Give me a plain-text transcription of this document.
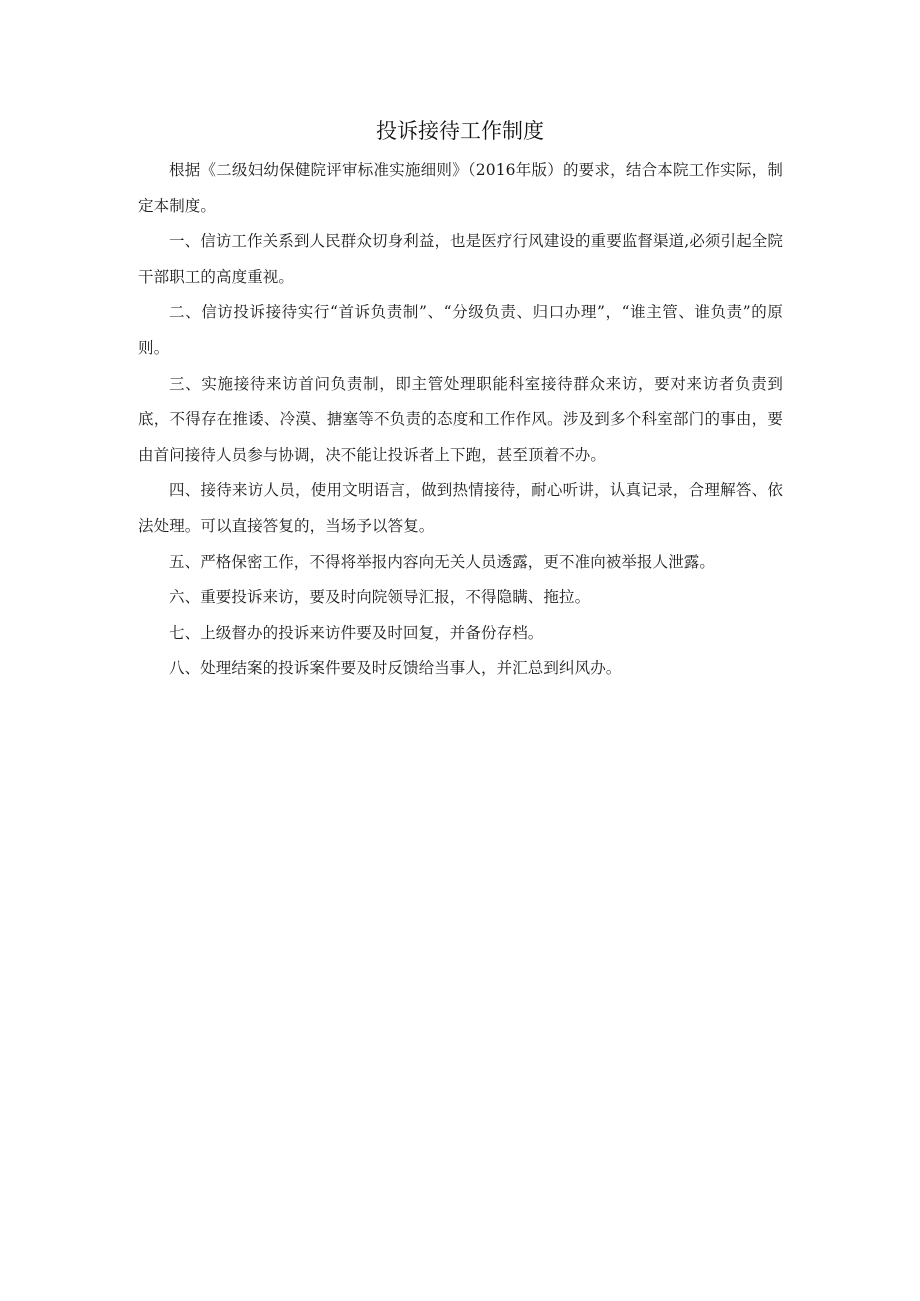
投诉接待工作制度

根据《二级妇幼保健院评审标准实施细则》（2016年版）的要求，结合本院工作实际，制定本制度。

一、信访工作关系到人民群众切身利益，也是医疗行风建设的重要监督渠道,必须引起全院干部职工的高度重视。

二、信访投诉接待实行“首诉负责制”、“分级负责、归口办理”，“谁主管、谁负责”的原则。

三、实施接待来访首问负责制，即主管处理职能科室接待群众来访，要对来访者负责到底，不得存在推诿、冷漠、搪塞等不负责的态度和工作作风。涉及到多个科室部门的事由，要由首问接待人员参与协调，决不能让投诉者上下跑，甚至顶着不办。

四、接待来访人员，使用文明语言，做到热情接待，耐心听讲，认真记录，合理解答、依法处理。可以直接答复的，当场予以答复。

五、严格保密工作，不得将举报内容向无关人员透露，更不准向被举报人泄露。

六、重要投诉来访，要及时向院领导汇报，不得隐瞒、拖拉。

七、上级督办的投诉来访件要及时回复，并备份存档。

八、处理结案的投诉案件要及时反馈给当事人，并汇总到纠风办。
